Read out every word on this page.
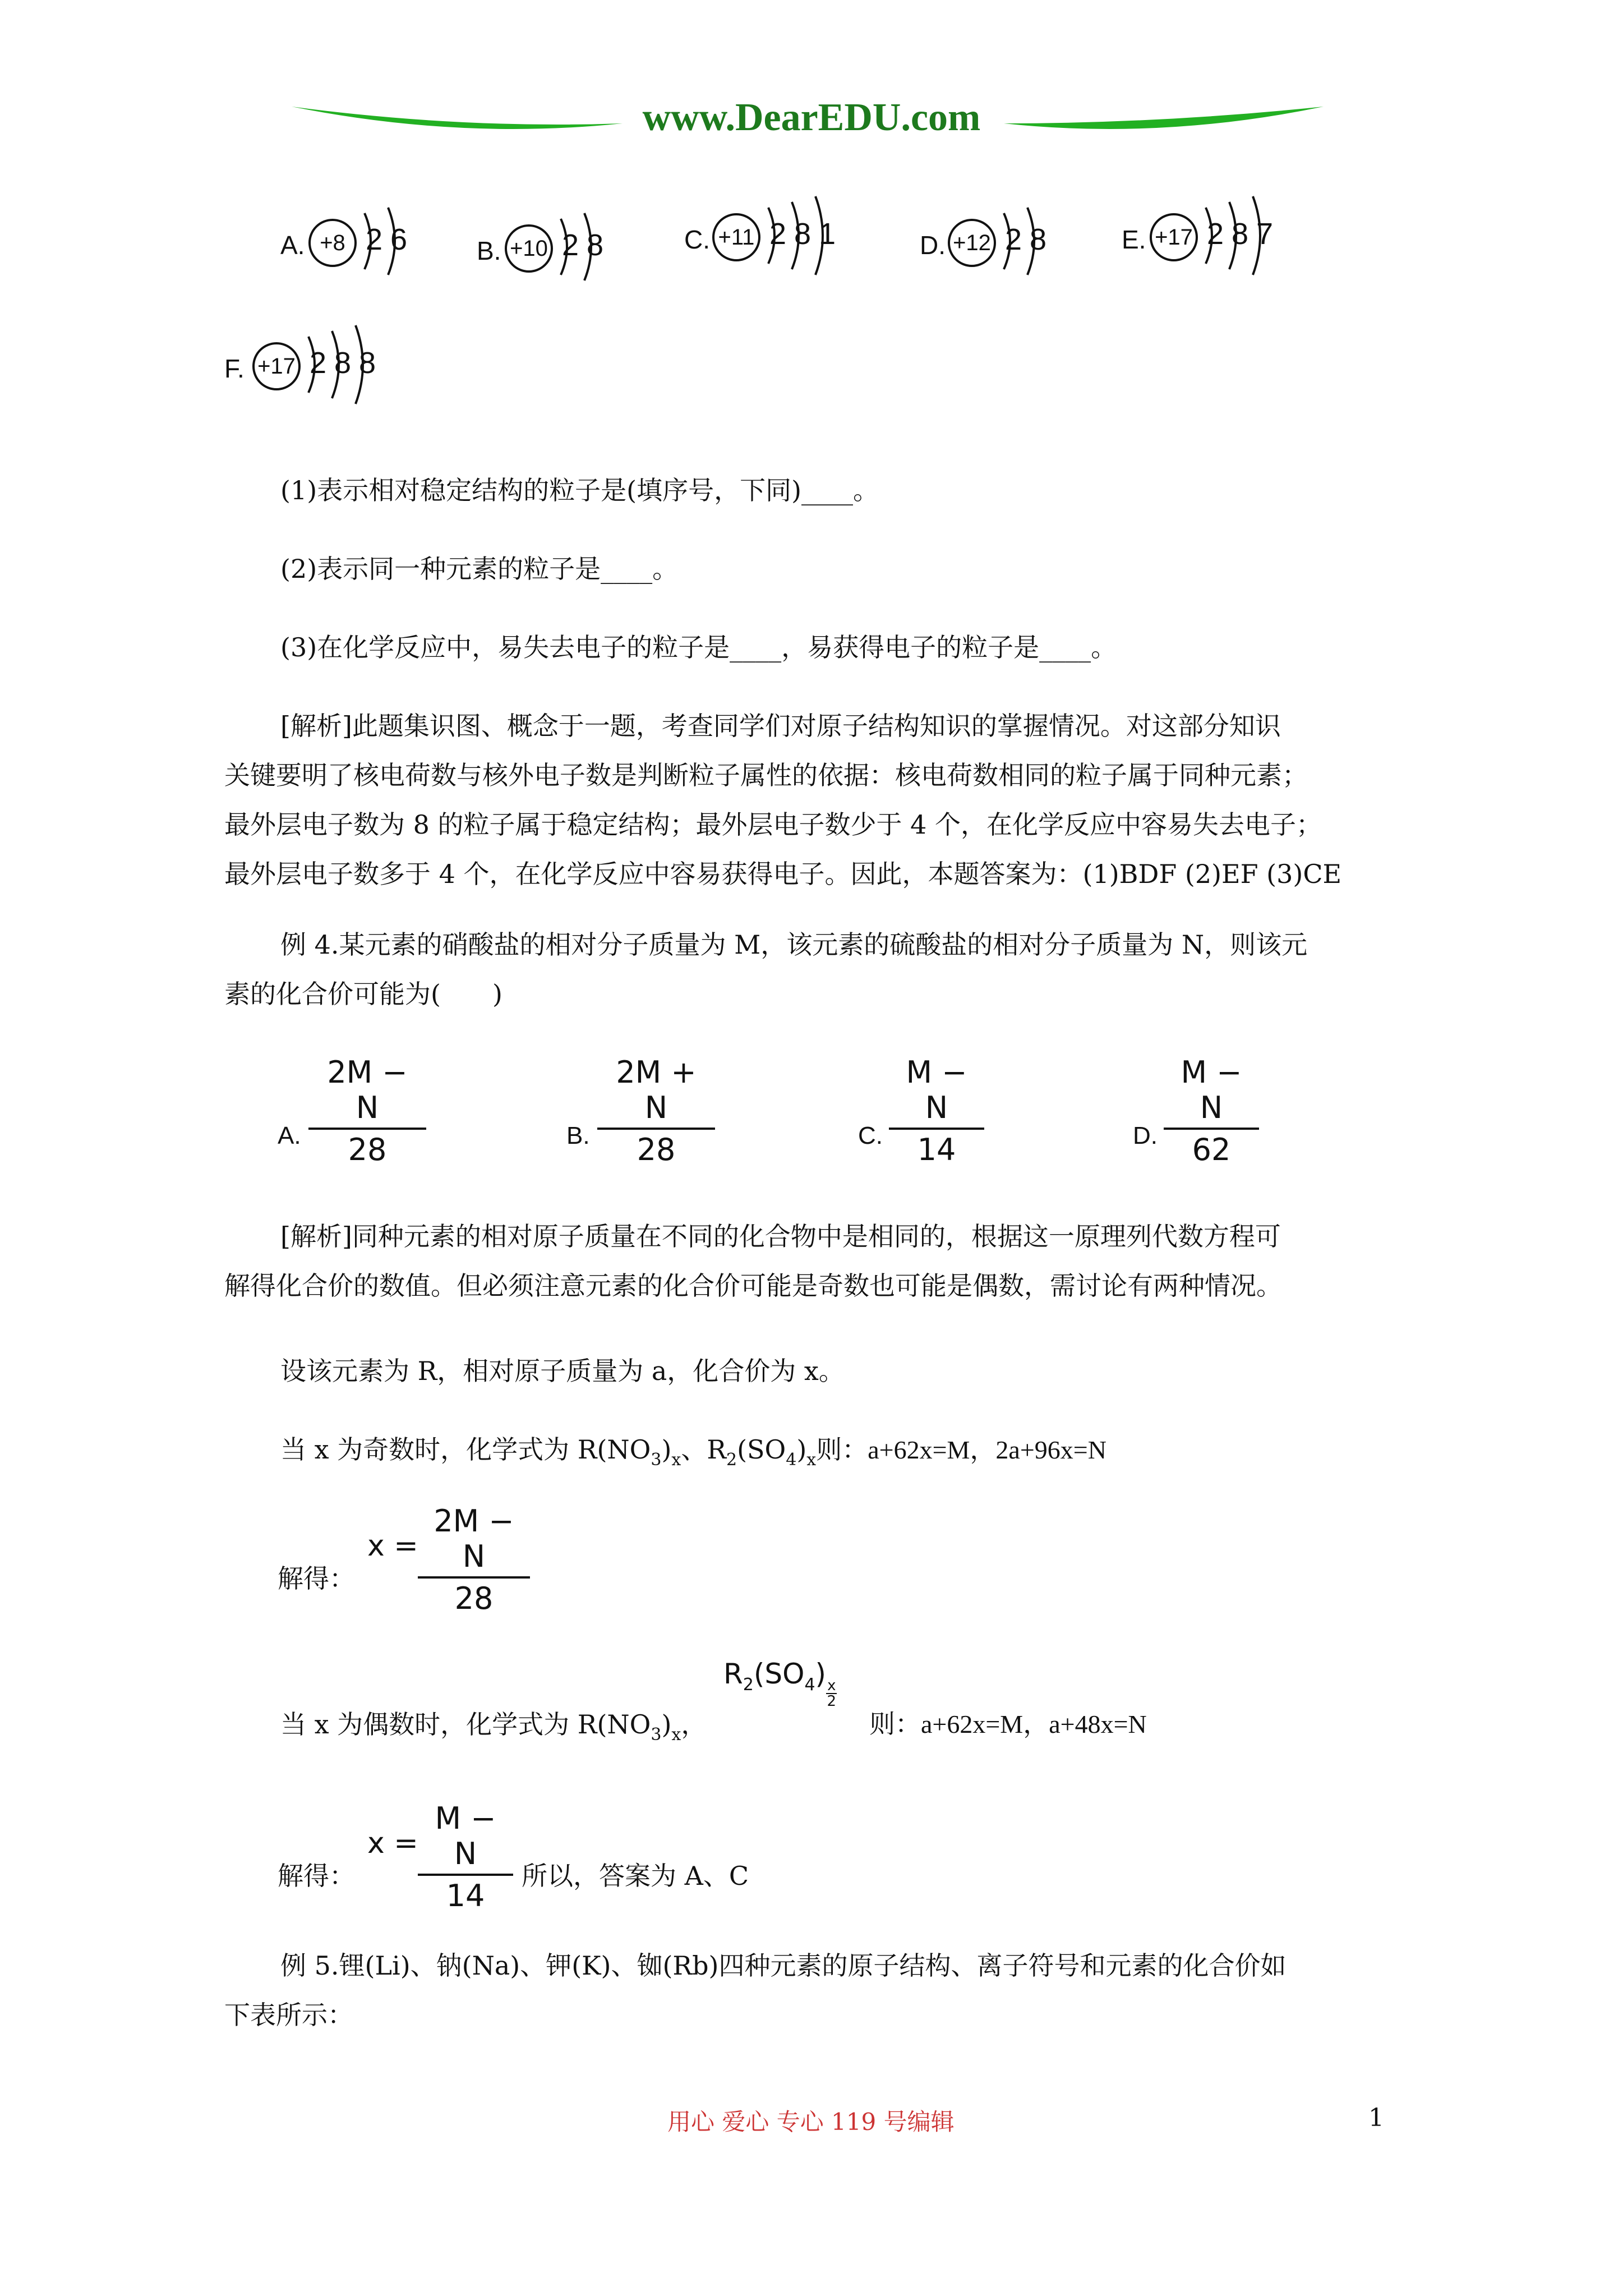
www.DearEDU.com
A. +8 2 6	B. +10 2 8	C. +11 2 8 1	D. +12 2 8	E. +17 2 8 7
F. +17 2 8 8
(1)表示相对稳定结构的粒子是(填序号，下同)____。
(2)表示同一种元素的粒子是____。
(3)在化学反应中，易失去电子的粒子是____，易获得电子的粒子是____。
[解析]此题集识图、概念于一题，考查同学们对原子结构知识的掌握情况。对这部分知识
关键要明了核电荷数与核外电子数是判断粒子属性的依据：核电荷数相同的粒子属于同种元素；
最外层电子数为 8 的粒子属于稳定结构；最外层电子数少于 4 个，在化学反应中容易失去电子；
最外层电子数多于 4 个，在化学反应中容易获得电子。因此，本题答案为：(1)BDF (2)EF (3)CE
例 4.某元素的硝酸盐的相对分子质量为 M，该元素的硫酸盐的相对分子质量为 N，则该元
素的化合价可能为(　　)
A. $\frac{2M - N}{28}$	B. $\frac{2M + N}{28}$	C. $\frac{M - N}{14}$	D. $\frac{M - N}{62}$
[解析]同种元素的相对原子质量在不同的化合物中是相同的，根据这一原理列代数方程可
解得化合价的数值。但必须注意元素的化合价可能是奇数也可能是偶数，需讨论有两种情况。
设该元素为 R，相对原子质量为 a，化合价为 x。
当 x 为奇数时，化学式为 $R(NO_3)_x$、$R_2(SO_4)_x$则：a+62x=M，2a+96x=N
解得：
$x = \frac{2M - N}{28}$
当 x 为偶数时，化学式为 $R(NO_3)_x$，
$R_2(SO_4)$
$\frac{x}{2}$
则：a+62x=M，a+48x=N
解得：
$x = \frac{M - N}{14}$ 所以，答案为 A、C
例 5.锂(Li)、钠(Na)、钾(K)、铷(Rb)四种元素的原子结构、离子符号和元素的化合价如
下表所示：
用心 爱心 专心 119 号编辑	1
